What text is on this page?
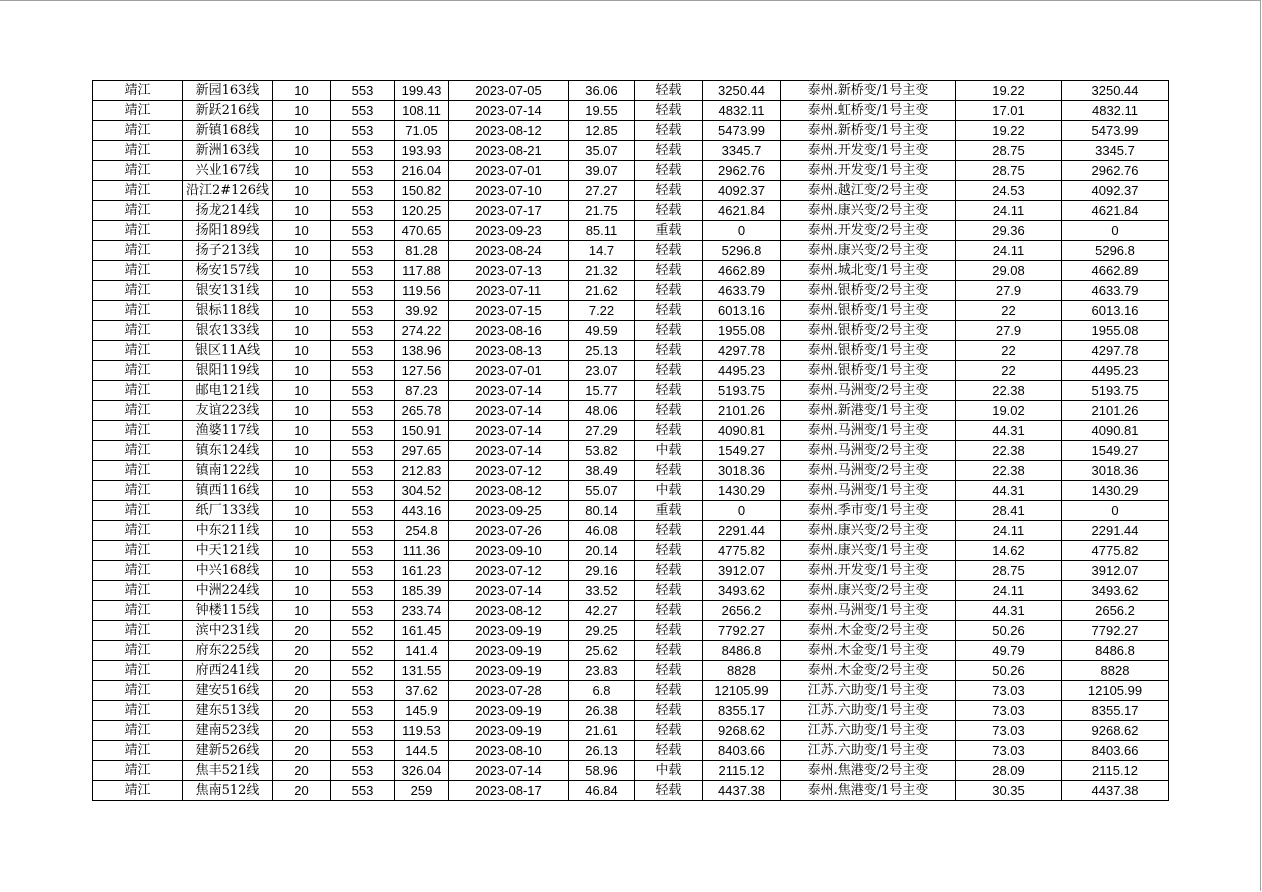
靖江	新园163线	10	553	199.43	2023-07-05	36.06	轻载	3250.44	泰州.新桥变/1号主变	19.22	3250.44
靖江	新跃216线	10	553	108.11	2023-07-14	19.55	轻载	4832.11	泰州.虹桥变/1号主变	17.01	4832.11
靖江	新镇168线	10	553	71.05	2023-08-12	12.85	轻载	5473.99	泰州.新桥变/1号主变	19.22	5473.99
靖江	新洲163线	10	553	193.93	2023-08-21	35.07	轻载	3345.7	泰州.开发变/1号主变	28.75	3345.7
靖江	兴业167线	10	553	216.04	2023-07-01	39.07	轻载	2962.76	泰州.开发变/1号主变	28.75	2962.76
靖江	沿江2#126线	10	553	150.82	2023-07-10	27.27	轻载	4092.37	泰州.越江变/2号主变	24.53	4092.37
靖江	扬龙214线	10	553	120.25	2023-07-17	21.75	轻载	4621.84	泰州.康兴变/2号主变	24.11	4621.84
靖江	扬阳189线	10	553	470.65	2023-09-23	85.11	重载	0	泰州.开发变/2号主变	29.36	0
靖江	扬子213线	10	553	81.28	2023-08-24	14.7	轻载	5296.8	泰州.康兴变/2号主变	24.11	5296.8
靖江	杨安157线	10	553	117.88	2023-07-13	21.32	轻载	4662.89	泰州.城北变/1号主变	29.08	4662.89
靖江	银安131线	10	553	119.56	2023-07-11	21.62	轻载	4633.79	泰州.银桥变/2号主变	27.9	4633.79
靖江	银标118线	10	553	39.92	2023-07-15	7.22	轻载	6013.16	泰州.银桥变/1号主变	22	6013.16
靖江	银农133线	10	553	274.22	2023-08-16	49.59	轻载	1955.08	泰州.银桥变/2号主变	27.9	1955.08
靖江	银区11A线	10	553	138.96	2023-08-13	25.13	轻载	4297.78	泰州.银桥变/1号主变	22	4297.78
靖江	银阳119线	10	553	127.56	2023-07-01	23.07	轻载	4495.23	泰州.银桥变/1号主变	22	4495.23
靖江	邮电121线	10	553	87.23	2023-07-14	15.77	轻载	5193.75	泰州.马洲变/2号主变	22.38	5193.75
靖江	友谊223线	10	553	265.78	2023-07-14	48.06	轻载	2101.26	泰州.新港变/1号主变	19.02	2101.26
靖江	渔婆117线	10	553	150.91	2023-07-14	27.29	轻载	4090.81	泰州.马洲变/1号主变	44.31	4090.81
靖江	镇东124线	10	553	297.65	2023-07-14	53.82	中载	1549.27	泰州.马洲变/2号主变	22.38	1549.27
靖江	镇南122线	10	553	212.83	2023-07-12	38.49	轻载	3018.36	泰州.马洲变/2号主变	22.38	3018.36
靖江	镇西116线	10	553	304.52	2023-08-12	55.07	中载	1430.29	泰州.马洲变/1号主变	44.31	1430.29
靖江	纸厂133线	10	553	443.16	2023-09-25	80.14	重载	0	泰州.季市变/1号主变	28.41	0
靖江	中东211线	10	553	254.8	2023-07-26	46.08	轻载	2291.44	泰州.康兴变/2号主变	24.11	2291.44
靖江	中天121线	10	553	111.36	2023-09-10	20.14	轻载	4775.82	泰州.康兴变/1号主变	14.62	4775.82
靖江	中兴168线	10	553	161.23	2023-07-12	29.16	轻载	3912.07	泰州.开发变/1号主变	28.75	3912.07
靖江	中洲224线	10	553	185.39	2023-07-14	33.52	轻载	3493.62	泰州.康兴变/2号主变	24.11	3493.62
靖江	钟楼115线	10	553	233.74	2023-08-12	42.27	轻载	2656.2	泰州.马洲变/1号主变	44.31	2656.2
靖江	滨中231线	20	552	161.45	2023-09-19	29.25	轻载	7792.27	泰州.木金变/2号主变	50.26	7792.27
靖江	府东225线	20	552	141.4	2023-09-19	25.62	轻载	8486.8	泰州.木金变/1号主变	49.79	8486.8
靖江	府西241线	20	552	131.55	2023-09-19	23.83	轻载	8828	泰州.木金变/2号主变	50.26	8828
靖江	建安516线	20	553	37.62	2023-07-28	6.8	轻载	12105.99	江苏.六助变/1号主变	73.03	12105.99
靖江	建东513线	20	553	145.9	2023-09-19	26.38	轻载	8355.17	江苏.六助变/1号主变	73.03	8355.17
靖江	建南523线	20	553	119.53	2023-09-19	21.61	轻载	9268.62	江苏.六助变/1号主变	73.03	9268.62
靖江	建新526线	20	553	144.5	2023-08-10	26.13	轻载	8403.66	江苏.六助变/1号主变	73.03	8403.66
靖江	焦丰521线	20	553	326.04	2023-07-14	58.96	中载	2115.12	泰州.焦港变/2号主变	28.09	2115.12
靖江	焦南512线	20	553	259	2023-08-17	46.84	轻载	4437.38	泰州.焦港变/1号主变	30.35	4437.38
